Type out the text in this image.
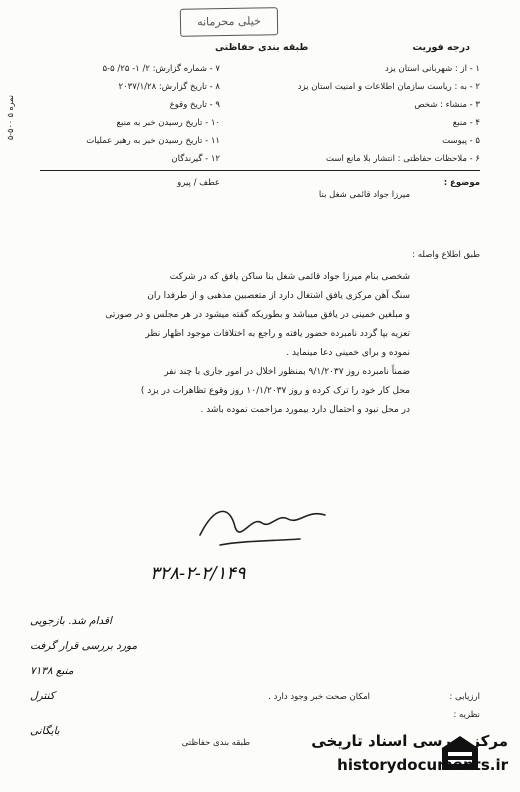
خیلی محرمانه
طبقه بندی حفاظتی	درجه فوریت
۷ - شماره گزارش: ۲/ ۱- ۲۵/ ۵-۵
۸ - تاریخ گزارش: ۲۰۳۷/۱/۲۸
۹ - تاریخ وقوع
۱۰ - تاریخ رسیدن خبر به منبع
۱۱ - تاریخ رسیدن خبر به رهبر عملیات
۱۲ - گیرندگان
۱ - از : شهربانی استان یزد
۲ - به : ریاست سازمان اطلاعات و امنیت استان یزد
۳ - منشاء : شخص
۴ - منبع
۵ - پیوست
۶ - ملاحظات حفاظتی : انتشار بلا مانع است
۵-۵۰۰ نمره ۵
موضوع :
میرزا جواد قائمی شغل بنا
عطف / پیرو
طبق اطلاع واصله :
شخصی بنام میرزا جواد قائمی شغل بنا ساکن یافق که در شرکت
سنگ آهن مرکزی یافق اشتغال دارد از متعصبین مذهبی و از طرفدا ران
و مبلغین خمینی در یافق میباشد و بطوریکه گفته میشود در هر مجلس و در صورتی
تعزیه بپا گردد نامبرده حضور یافته و راجع به اختلافات موجود اظهار نظر
نموده و برای خمینی دعا مینماید .
ضمناً نامبرده روز ۹/۱/۲۰۳۷ بمنظور اخلال در امور جاری با چند نفر
محل کار خود را ترک کرده و روز ۱۰/۱/۲۰۳۷ روز وقوع تظاهرات در یزد )
در محل نبود و احتمال دارد بیمورد مزاحمت نموده باشد .
۳۲۸-۲-۲/۱۴۹
اقدام شد. بازجویی
مورد بررسی قرار گرفت
منبع ۷۱۳۸
کنترل
بایگانی
ارزیابی :
نظریه :
امکان صحت خبر وجود دارد .
طبقه بندی حفاظتی	مرکز بررسی اسناد تاریخی
historydocuments.ir
